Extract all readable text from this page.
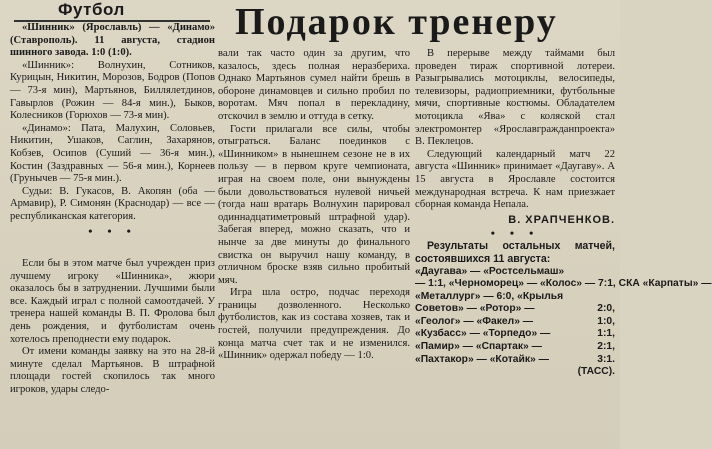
Футбол	Подарок тренеру

«Шинник» (Ярославль) — «Динамо» (Ставрополь). 11 августа, стадион шинного завода. 1:0 (1:0).

«Шинник»: Волнухин, Сотников, Курицын, Никитин, Морозов, Бодров (Попов — 73-я мин), Мартьянов, Биллялетдинов, Гавырлов (Рожин — 84-я мин.), Быков, Колесников (Горюхов — 73-я мин).

«Динамо»: Пата, Малухин, Соловьев, Никитин, Ушаков, Саглин, Захарянов, Кобзев, Осипов (Суший — 36-я мин.), Костин (Заздравных — 56-я мин.), Корнеев (Грунычев — 75-я мин.).

Судьи: В. Гукасов, В. Акопян (оба — Армавир), Р. Симонян (Краснодар) — все — республиканская категория.

• • •

Если бы в этом матче был учрежден приз лучшему игроку «Шинника», жюри оказалось бы в затруднении. Лучшими были все. Каждый играл с полной самоотдачей. У тренера нашей команды В. П. Фролова был день рождения, и футболистам очень хотелось преподнести ему подарок.

От имени команды заявку на это на 28-й минуте сделал Мартьянов. В штрафной площади гостей скопилось так много игроков, удары следо-

вали так часто один за другим, что казалось, здесь полная неразбериха. Однако Мартьянов сумел найти брешь в обороне динамовцев и сильно пробил по воротам. Мяч попал в перекладину, отскочил в землю и оттуда в сетку.

Гости прилагали все силы, чтобы отыграться. Баланс поединков с «Шинником» в нынешнем сезоне не в их пользу — в первом круге чемпионата, играя на своем поле, они вынуждены были довольствоваться нулевой ничьей (тогда наш вратарь Волнухин парировал одиннадцатиметровый штрафной удар). Забегая вперед, можно сказать, что и нынче за две минуты до финального свистка он выручил нашу команду, в отличном броске взяв сильно пробитый мяч.

Игра шла остро, подчас переходя границы дозволенного. Несколько футболистов, как из состава хозяев, так и гостей, получили предупреждения. До конца матча счет так и не изменился. «Шинник» одержал победу — 1:0.

В перерыве между таймами был проведен тираж спортивной лотереи. Разыгрывались мотоциклы, велосипеды, телевизоры, радиоприемники, футбольные мячи, спортивные костюмы. Обладателем мотоцикла «Ява» с коляской стал электромонтер «Ярославгражданпроекта» В. Пеклецов.

Следующий календарный матч 22 августа «Шинник» принимает «Даугаву». А 15 августа в Ярославле состоится международная встреча. К нам приезжает сборная команда Непала.

В. ХРАПЧЕНКОВ.
• • •
Результаты остальных матчей, состоявшихся 11 августа:
«Даугава» — «Ростсельмаш»
— 1:1, «Черноморец» — «Колос» — 7:1, СКА «Карпаты» —
«Металлург» — 6:0, «Крылья
Советов» — «Ротор» —	2:0,
«Геолог» — «Факел» —	1:0,
«Кузбасс» — «Торпедо» —	1:1,
«Памир» — «Спартак» —	2:1,
«Пахтакор» — «Котайк» —	3:1.
(ТАСС).
